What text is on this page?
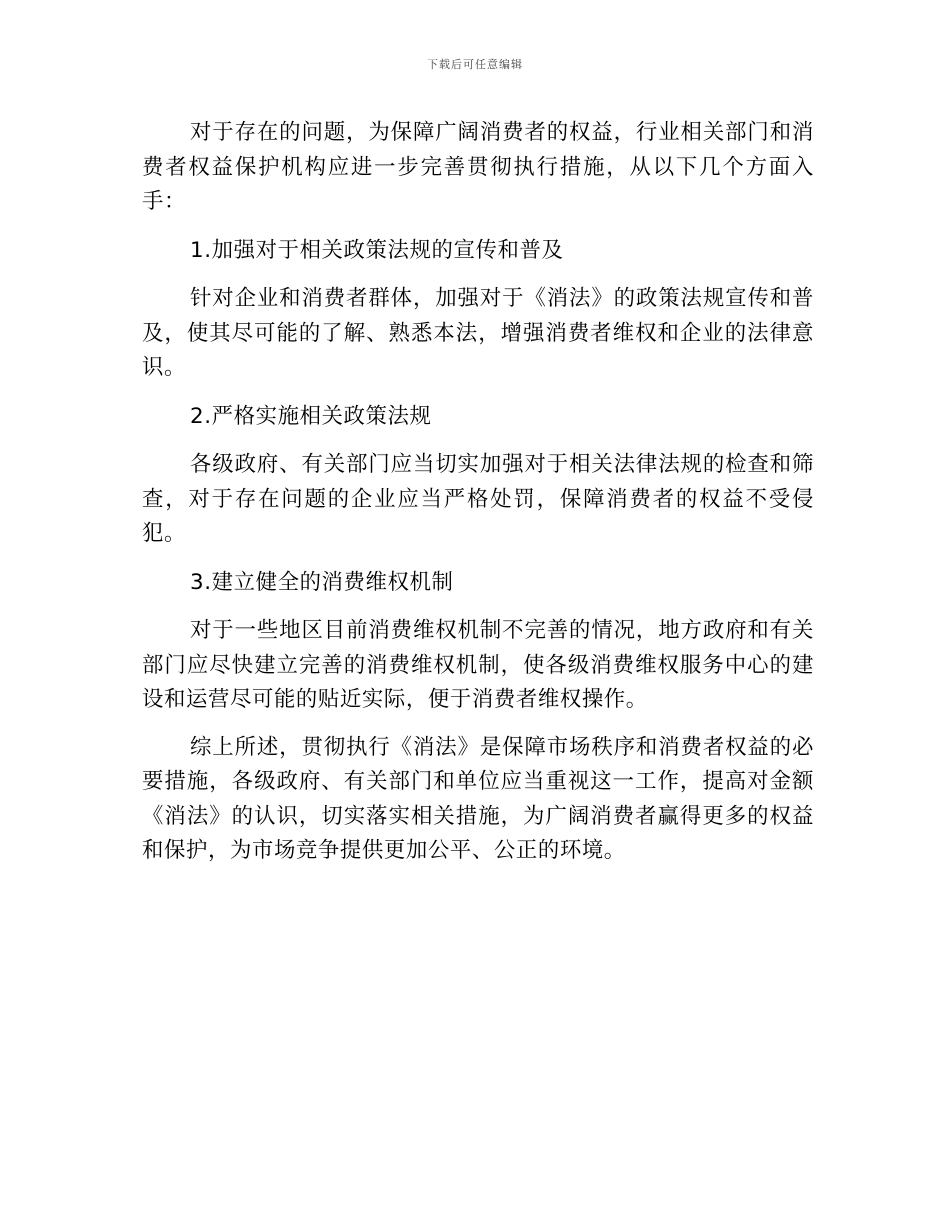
下载后可任意编辑

对于存在的问题，为保障广阔消费者的权益，行业相关部门和消费者权益保护机构应进一步完善贯彻执行措施，从以下几个方面入手：

1.加强对于相关政策法规的宣传和普及

针对企业和消费者群体，加强对于《消法》的政策法规宣传和普及，使其尽可能的了解、熟悉本法，增强消费者维权和企业的法律意识。

2.严格实施相关政策法规

各级政府、有关部门应当切实加强对于相关法律法规的检查和筛查，对于存在问题的企业应当严格处罚，保障消费者的权益不受侵犯。

3.建立健全的消费维权机制

对于一些地区目前消费维权机制不完善的情况，地方政府和有关部门应尽快建立完善的消费维权机制，使各级消费维权服务中心的建设和运营尽可能的贴近实际，便于消费者维权操作。

综上所述，贯彻执行《消法》是保障市场秩序和消费者权益的必要措施，各级政府、有关部门和单位应当重视这一工作，提高对金额《消法》的认识，切实落实相关措施，为广阔消费者赢得更多的权益和保护，为市场竞争提供更加公平、公正的环境。
